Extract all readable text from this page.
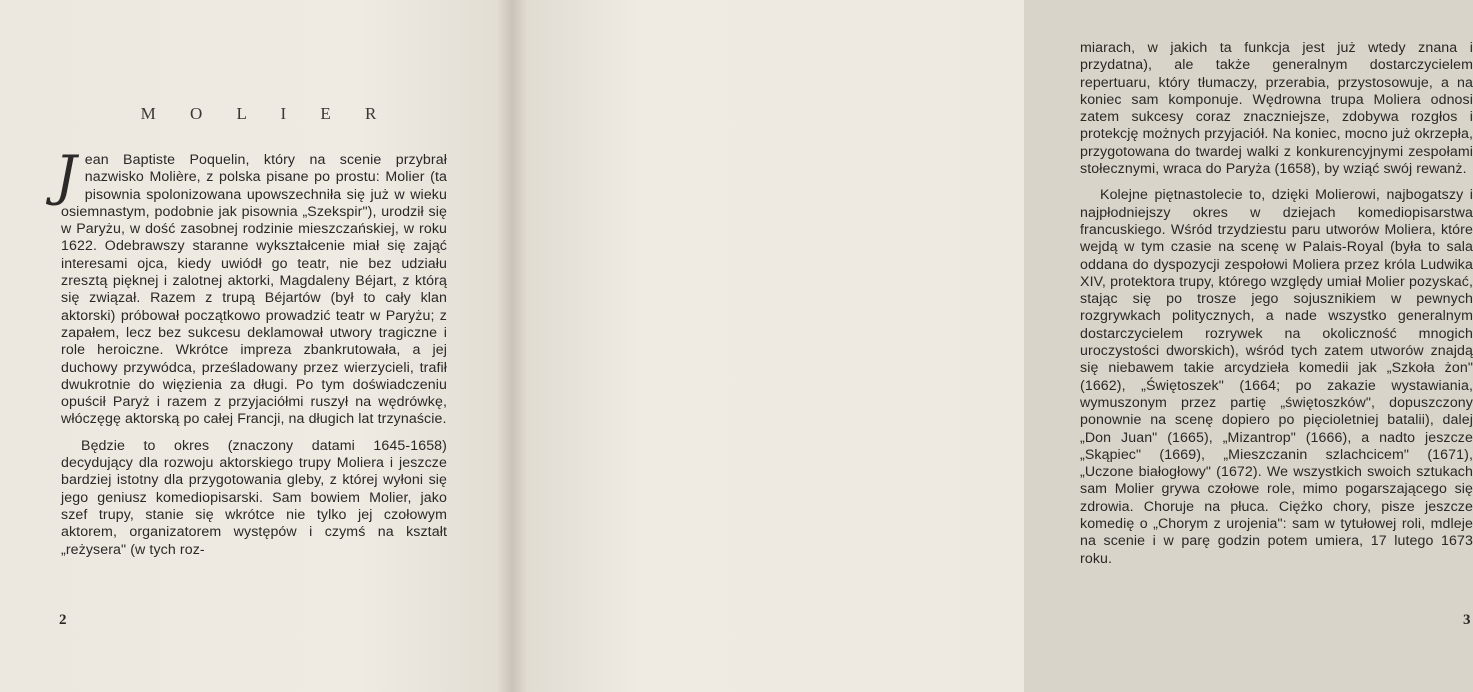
M O L I E R

Jean Baptiste Poquelin, który na scenie przybrał nazwisko Molière, z polska pisane po prostu: Molier (ta pisownia spolonizowana upowszechniła się już w wieku osiemnastym, podobnie jak pisownia „Szekspir"), urodził się w Paryżu, w dość zasobnej rodzinie mieszczańskiej, w roku 1622. Odebrawszy staranne wykształcenie miał się zająć interesami ojca, kiedy uwiódł go teatr, nie bez udziału zresztą pięknej i zalotnej aktorki, Magdaleny Béjart, z którą się związał. Razem z trupą Béjartów (był to cały klan aktorski) próbował początkowo prowadzić teatr w Paryżu; z zapałem, lecz bez sukcesu deklamował utwory tragiczne i role heroiczne. Wkrótce impreza zbankrutowała, a jej duchowy przywódca, prześladowany przez wierzycieli, trafił dwukrotnie do więzienia za długi. Po tym doświadczeniu opuścił Paryż i razem z przyjaciółmi ruszył na wędrówkę, włóczęgę aktorską po całej Francji, na długich lat trzynaście.

Będzie to okres (znaczony datami 1645-1658) decydujący dla rozwoju aktorskiego trupy Moliera i jeszcze bardziej istotny dla przygotowania gleby, z której wyłoni się jego geniusz komediopisarski. Sam bowiem Molier, jako szef trupy, stanie się wkrótce nie tylko jej czołowym aktorem, organizatorem występów i czymś na kształt „reżysera" (w tych roz-

2

miarach, w jakich ta funkcja jest już wtedy znana i przydatna), ale także generalnym dostarczycielem repertuaru, który tłumaczy, przerabia, przystosowuje, a na koniec sam komponuje. Wędrowna trupa Moliera odnosi zatem sukcesy coraz znaczniejsze, zdobywa rozgłos i protekcję możnych przyjaciół. Na koniec, mocno już okrzepła, przygotowana do twardej walki z konkurencyjnymi zespołami stołecznymi, wraca do Paryża (1658), by wziąć swój rewanż.

Kolejne piętnastolecie to, dzięki Molierowi, najbogatszy i najpłodniejszy okres w dziejach komediopisarstwa francuskiego. Wśród trzydziestu paru utworów Moliera, które wejdą w tym czasie na scenę w Palais-Royal (była to sala oddana do dyspozycji zespołowi Moliera przez króla Ludwika XIV, protektora trupy, którego względy umiał Molier pozyskać, stając się po trosze jego sojusznikiem w pewnych rozgrywkach politycznych, a nade wszystko generalnym dostarczycielem rozrywek na okoliczność mnogich uroczystości dworskich), wśród tych zatem utworów znajdą się niebawem takie arcydzieła komedii jak „Szkoła żon" (1662), „Świętoszek" (1664; po zakazie wystawiania, wymuszonym przez partię „świętoszków", dopuszczony ponownie na scenę dopiero po pięcioletniej batalii), dalej „Don Juan" (1665), „Mizantrop" (1666), a nadto jeszcze „Skąpiec" (1669), „Mieszczanin szlachcicem" (1671), „Uczone białogłowy" (1672). We wszystkich swoich sztukach sam Molier grywa czołowe role, mimo pogarszającego się zdrowia. Choruje na płuca. Ciężko chory, pisze jeszcze komedię o „Chorym z urojenia": sam w tytułowej roli, mdleje na scenie i w parę godzin potem umiera, 17 lutego 1673 roku.

3
